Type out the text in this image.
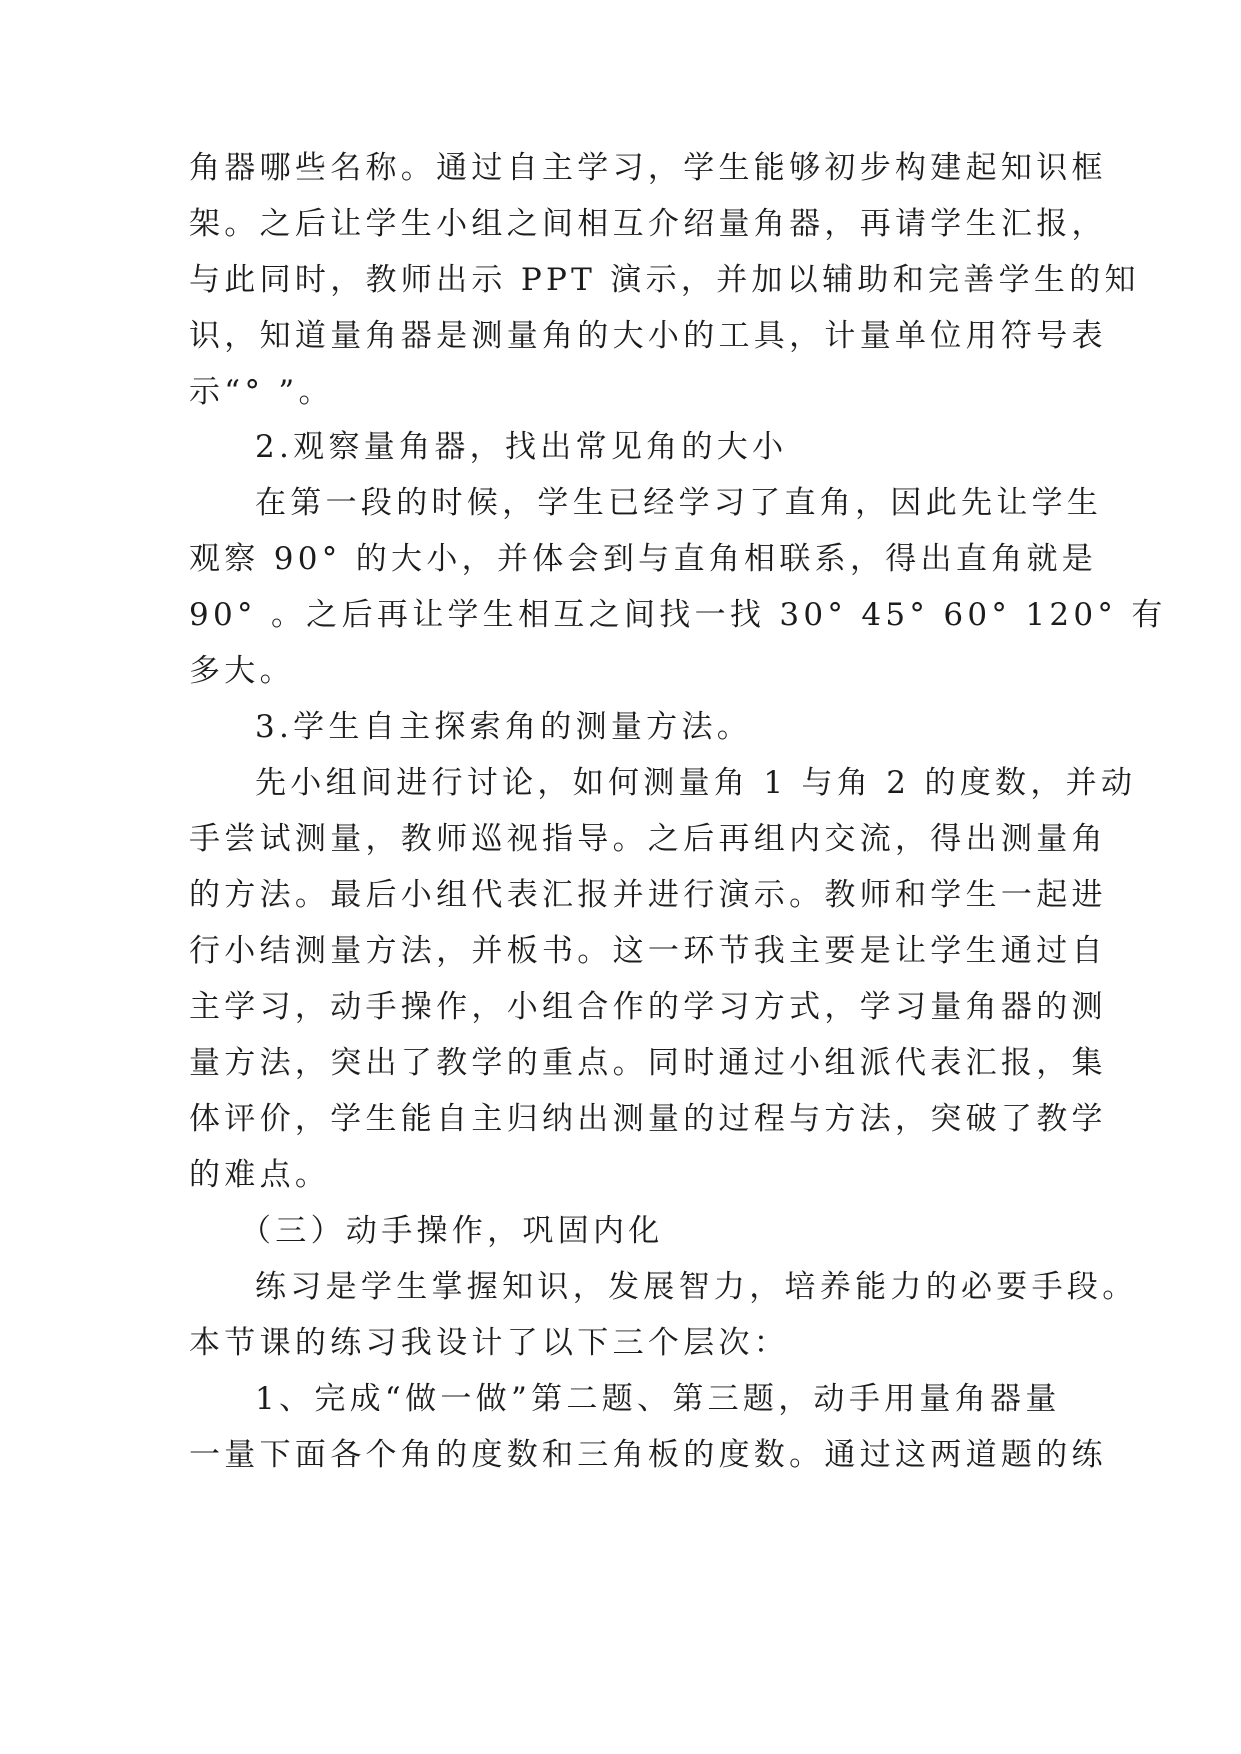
角器哪些名称。通过自主学习，学生能够初步构建起知识框
架。之后让学生小组之间相互介绍量角器，再请学生汇报，
与此同时，教师出示 PPT 演示，并加以辅助和完善学生的知
识，知道量角器是测量角的大小的工具，计量单位用符号表
示“° ”。
2.观察量角器，找出常见角的大小
在第一段的时候，学生已经学习了直角，因此先让学生
观察 90° 的大小，并体会到与直角相联系，得出直角就是
90° 。之后再让学生相互之间找一找 30° 45° 60° 120° 有
多大。
3.学生自主探索角的测量方法。
先小组间进行讨论，如何测量角 1 与角 2 的度数，并动
手尝试测量，教师巡视指导。之后再组内交流，得出测量角
的方法。最后小组代表汇报并进行演示。教师和学生一起进
行小结测量方法，并板书。这一环节我主要是让学生通过自
主学习，动手操作，小组合作的学习方式，学习量角器的测
量方法，突出了教学的重点。同时通过小组派代表汇报，集
体评价，学生能自主归纳出测量的过程与方法，突破了教学
的难点。
（三）动手操作，巩固内化
练习是学生掌握知识，发展智力，培养能力的必要手段。
本节课的练习我设计了以下三个层次：
1、完成“做一做”第二题、第三题，动手用量角器量
一量下面各个角的度数和三角板的度数。通过这两道题的练
